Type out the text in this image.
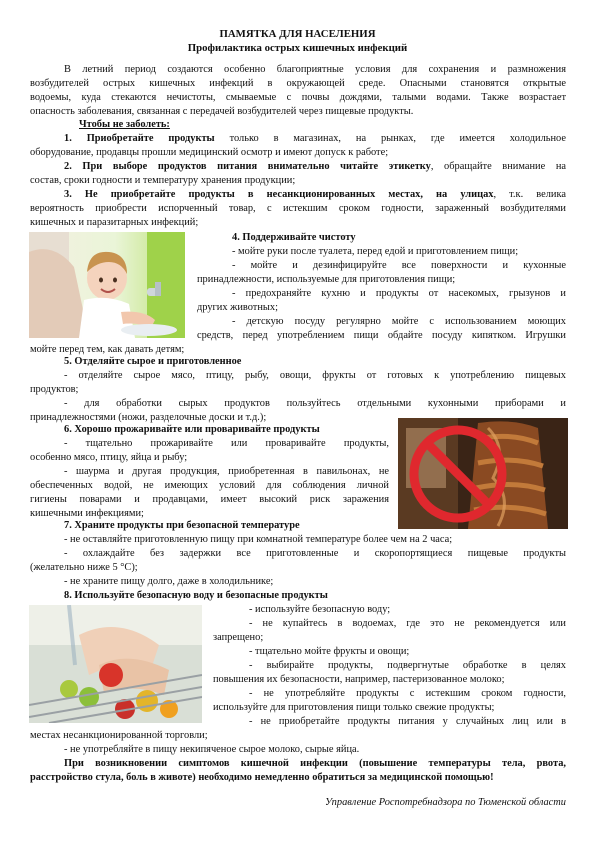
ПАМЯТКА ДЛЯ НАСЕЛЕНИЯ
Профилактика острых кишечных инфекций
В летний период создаются особенно благоприятные условия для сохранения и размножения
возбудителей острых кишечных инфекций в окружающей среде. Опасными становятся открытые
водоемы, куда стекаются нечистоты, смываемые с почвы дождями, талыми водами. Также возрастает
опасность заболевания, связанная с передачей возбудителей через пищевые продукты.
Чтобы не заболеть:
1. Приобретайте продукты только в магазинах, на рынках, где имеется холодильное
оборудование, продавцы прошли медицинский осмотр и имеют допуск к работе;
2. При выборе продуктов питания внимательно читайте этикетку, обращайте внимание на
состав, сроки годности и температуру хранения продукции;
3. Не приобретайте продукты в несанкционированных местах, на улицах, т.к. велика
вероятность приобрести испорченный товар, с истекшим сроком годности, зараженный возбудителями
кишечных и паразитарных инфекций;
4. Поддерживайте чистоту
- мойте руки после туалета, перед едой и приготовлением пищи;
- мойте и дезинфицируйте все поверхности и кухонные
принадлежности, используемые для приготовления пищи;
- предохраняйте кухню и продукты от насекомых, грызунов и
других животных;
- детскую посуду регулярно мойте с использованием моющих
средств, перед употреблением пищи обдайте посуду кипятком. Игрушки
мойте перед тем, как давать детям;
5. Отделяйте сырое и приготовленное
- отделяйте сырое мясо, птицу, рыбу, овощи, фрукты от готовых к употреблению пищевых
продуктов;
- для обработки сырых продуктов пользуйтесь отдельными кухонными приборами и
принадлежностями (ножи, разделочные доски и т.д.);
6. Хорошо прожаривайте или проваривайте продукты
- тщательно прожаривайте или проваривайте продукты,
особенно мясо, птицу, яйца и рыбу;
- шаурма и другая продукция, приобретенная в павильонах, не
обеспеченных водой, не имеющих условий для соблюдения личной
гигиены поварами и продавцами, имеет высокий риск заражения
кишечными инфекциями;
7. Храните продукты при безопасной температуре
- не оставляйте приготовленную пищу при комнатной температуре более чем на 2 часа;
- охлаждайте без задержки все приготовленные и скоропортящиеся пищевые продукты
(желательно ниже 5 °C);
- не храните пищу долго, даже в холодильнике;
8. Используйте безопасную воду и безопасные продукты
- используйте безопасную воду;
- не купайтесь в водоемах, где это не рекомендуется или
запрещено;
- тщательно мойте фрукты и овощи;
- выбирайте продукты, подвергнутые обработке в целях
повышения их безопасности, например, пастеризованное молоко;
- не употребляйте продукты с истекшим сроком годности,
используйте для приготовления пищи только свежие продукты;
- не приобретайте продукты питания у случайных лиц или в
местах несанкционированной торговли;
- не употребляйте в пищу некипяченое сырое молоко, сырые яйца.
При возникновении симптомов кишечной инфекции (повышение температуры тела, рвота,
расстройство стула, боль в животе) необходимо немедленно обратиться за медицинской помощью!
Управление Роспотребнадзора по Тюменской области
